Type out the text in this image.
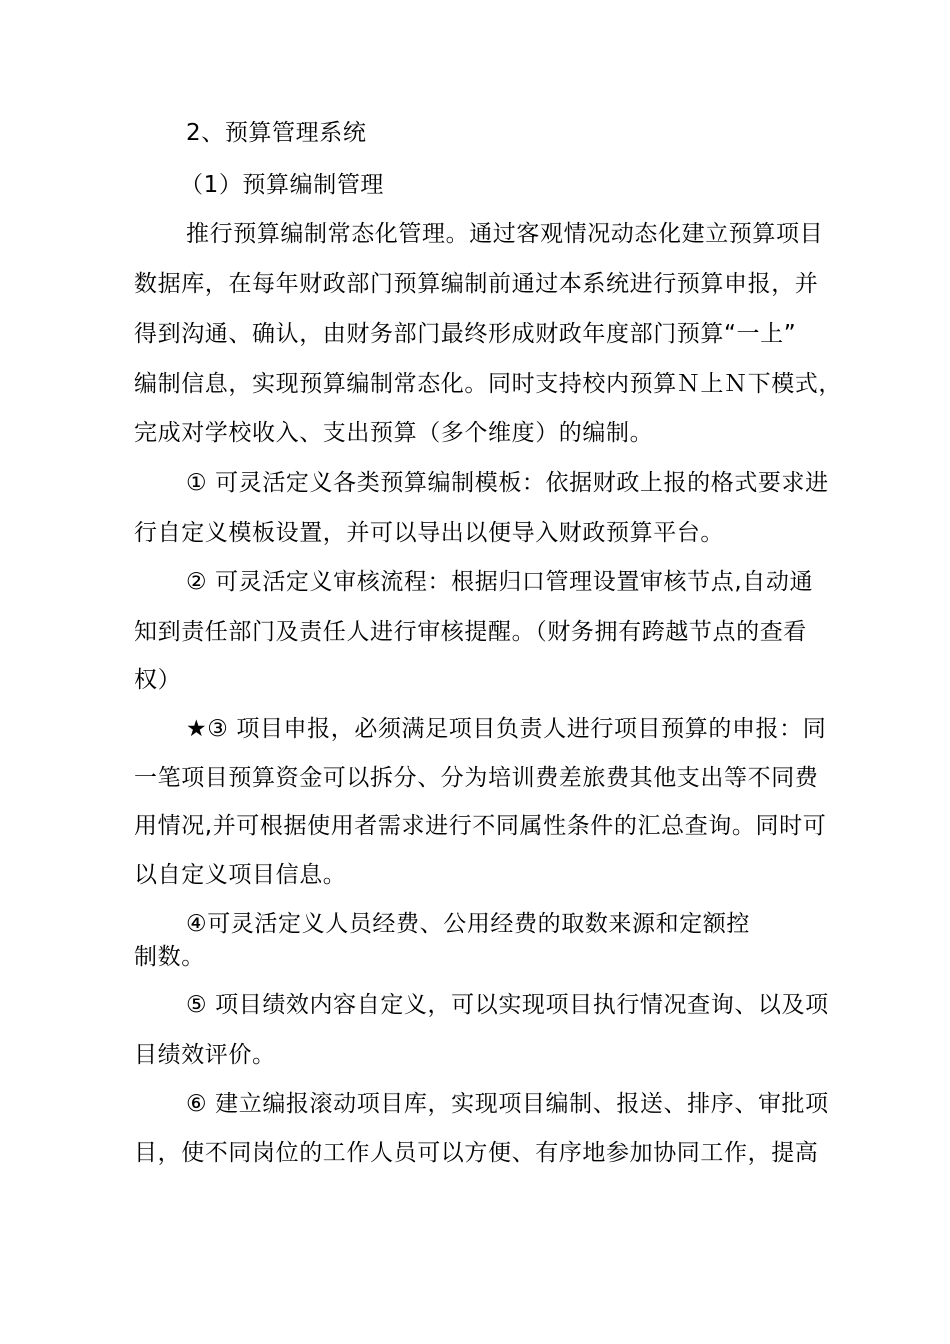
2、预算管理系统
（1）预算编制管理
推行预算编制常态化管理。通过客观情况动态化建立预算项目
数据库，在每年财政部门预算编制前通过本系统进行预算申报，并
得到沟通、确认，由财务部门最终形成财政年度部门预算“一上”
编制信息，实现预算编制常态化。同时支持校内预算Ｎ上Ｎ下模式，
完成对学校收入、支出预算（多个维度）的编制。
① 可灵活定义各类预算编制模板：依据财政上报的格式要求进
行自定义模板设置，并可以导出以便导入财政预算平台。
② 可灵活定义审核流程：根据归口管理设置审核节点,自动通
知到责任部门及责任人进行审核提醒。（财务拥有跨越节点的查看
权）
★③ 项目申报，必须满足项目负责人进行项目预算的申报：同
一笔项目预算资金可以拆分、分为培训费差旅费其他支出等不同费
用情况,并可根据使用者需求进行不同属性条件的汇总查询。同时可
以自定义项目信息。
④可灵活定义人员经费、公用经费的取数来源和定额控
制数。
⑤ 项目绩效内容自定义，可以实现项目执行情况查询、以及项
目绩效评价。
⑥ 建立编报滚动项目库，实现项目编制、报送、排序、审批项
目，使不同岗位的工作人员可以方便、有序地参加协同工作，提高
